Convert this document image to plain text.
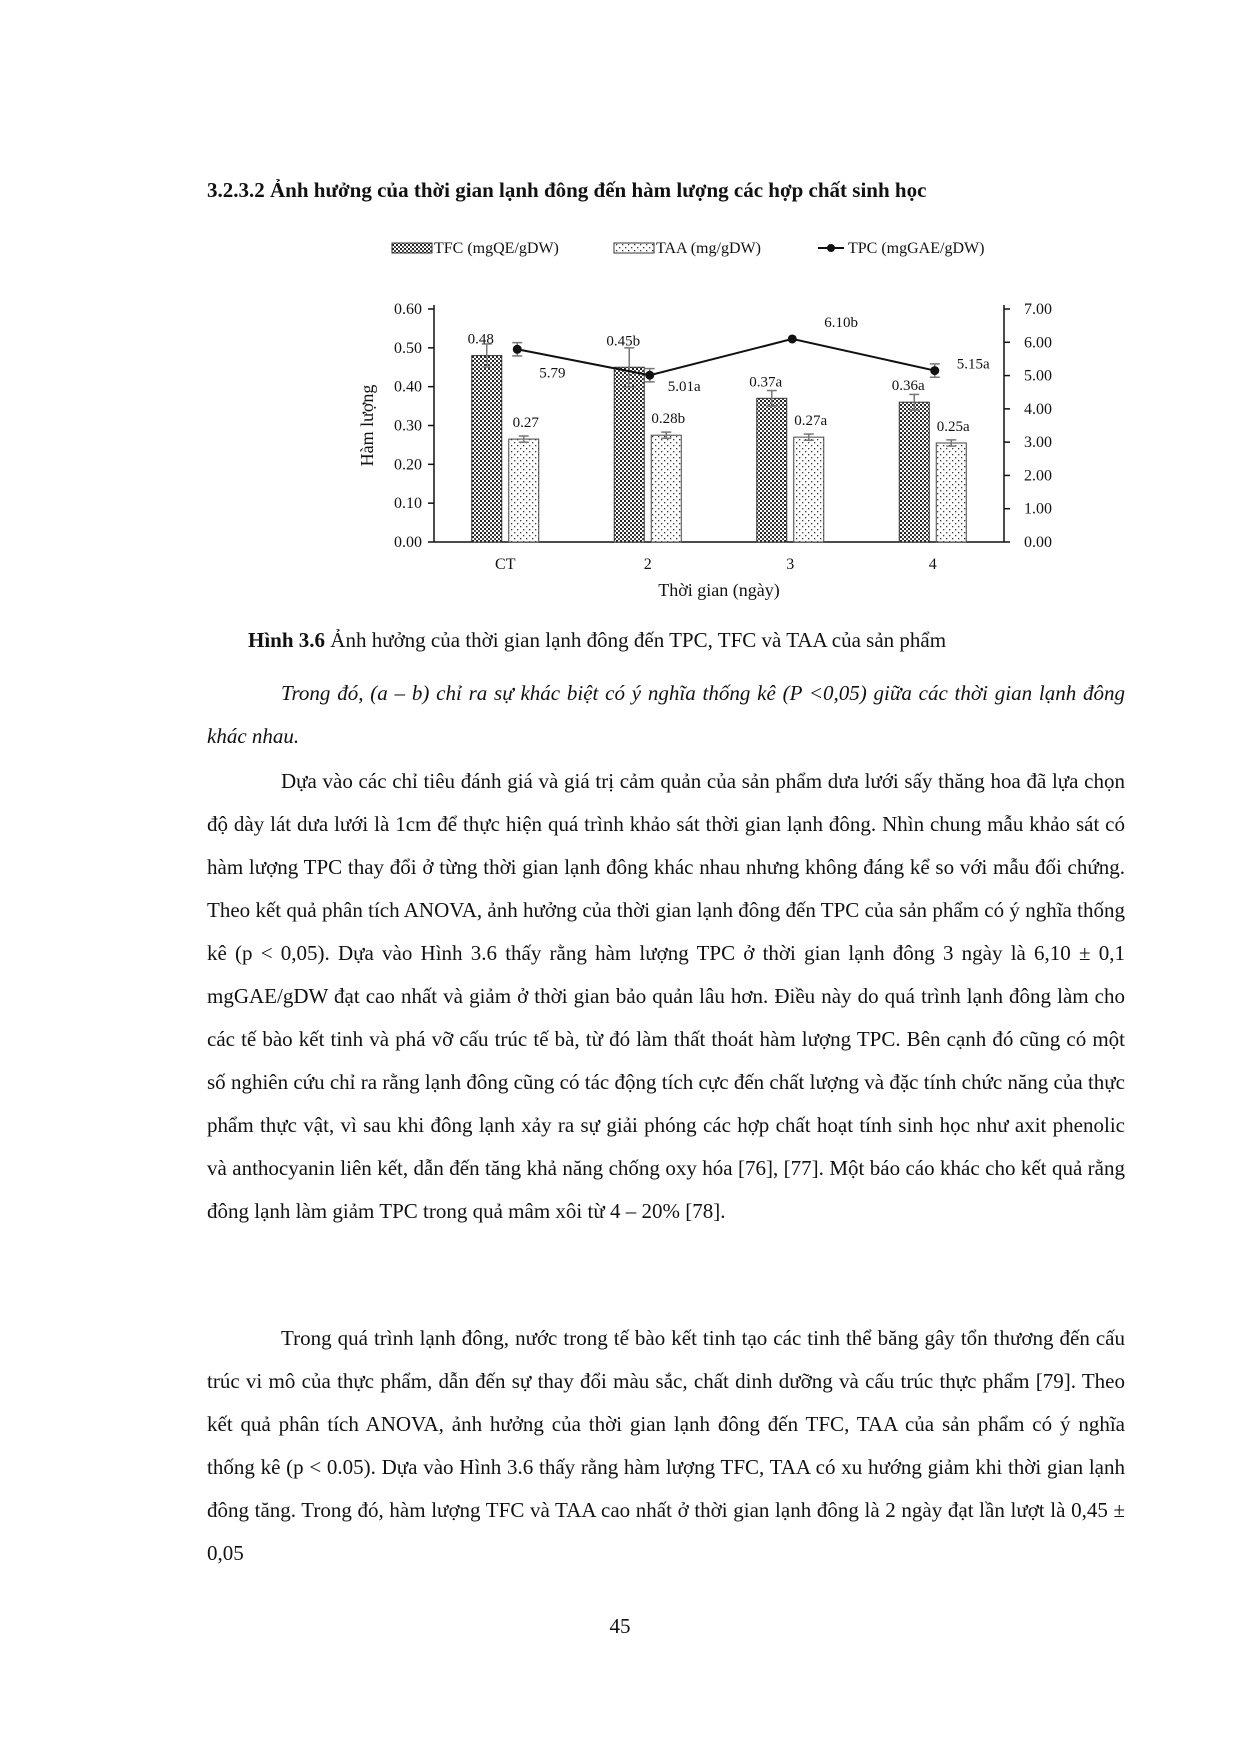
3.2.3.2 Ảnh hưởng của thời gian lạnh đông đến hàm lượng các hợp chất sinh học
TFC (mgQE/gDW)	TAA (mg/gDW)	TPC (mgGAE/gDW)
0.00
0.10
0.20
0.30
0.40
0.50
0.60
0.00
1.00
2.00
3.00
4.00
5.00
6.00
7.00
Hàm lượng
Thời gian (ngày)
CT	2	3	4
0.48
0.27
0.45b
0.28b
0.37a
0.27a
0.36a
0.25a
5.79
5.01a
6.10b
5.15a
Hình 3.6 Ảnh hưởng của thời gian lạnh đông đến TPC, TFC và TAA của sản phẩm
Trong đó, (a – b) chỉ ra sự khác biệt có ý nghĩa thống kê (P <0,05) giữa các thời gian lạnh đông khác nhau.
Dựa vào các chỉ tiêu đánh giá và giá trị cảm quản của sản phẩm dưa lưới sấy thăng hoa đã lựa chọn độ dày lát dưa lưới là 1cm để thực hiện quá trình khảo sát thời gian lạnh đông. Nhìn chung mẫu khảo sát có hàm lượng TPC thay đổi ở từng thời gian lạnh đông khác nhau nhưng không đáng kể so với mẫu đối chứng. Theo kết quả phân tích ANOVA, ảnh hưởng của thời gian lạnh đông đến TPC của sản phẩm có ý nghĩa thống kê (p < 0,05). Dựa vào Hình 3.6 thấy rằng hàm lượng TPC ở thời gian lạnh đông 3 ngày là 6,10 ± 0,1 mgGAE/gDW đạt cao nhất và giảm ở thời gian bảo quản lâu hơn. Điều này do quá trình lạnh đông làm cho các tế bào kết tinh và phá vỡ cấu trúc tế bà, từ đó làm thất thoát hàm lượng TPC. Bên cạnh đó cũng có một số nghiên cứu chỉ ra rằng lạnh đông cũng có tác động tích cực đến chất lượng và đặc tính chức năng của thực phẩm thực vật, vì sau khi đông lạnh xảy ra sự giải phóng các hợp chất hoạt tính sinh học như axit phenolic và anthocyanin liên kết, dẫn đến tăng khả năng chống oxy hóa [76], [77]. Một báo cáo khác cho kết quả rằng đông lạnh làm giảm TPC trong quả mâm xôi từ 4 – 20% [78].
Trong quá trình lạnh đông, nước trong tế bào kết tinh tạo các tinh thể băng gây tổn thương đến cấu trúc vi mô của thực phẩm, dẫn đến sự thay đổi màu sắc, chất dinh dưỡng và cấu trúc thực phẩm [79]. Theo kết quả phân tích ANOVA, ảnh hưởng của thời gian lạnh đông đến TFC, TAA của sản phẩm có ý nghĩa thống kê (p < 0.05). Dựa vào Hình 3.6 thấy rằng hàm lượng TFC, TAA có xu hướng giảm khi thời gian lạnh đông tăng. Trong đó, hàm lượng TFC và TAA cao nhất ở thời gian lạnh đông là 2 ngày đạt lần lượt là 0,45 ± 0,05
45
